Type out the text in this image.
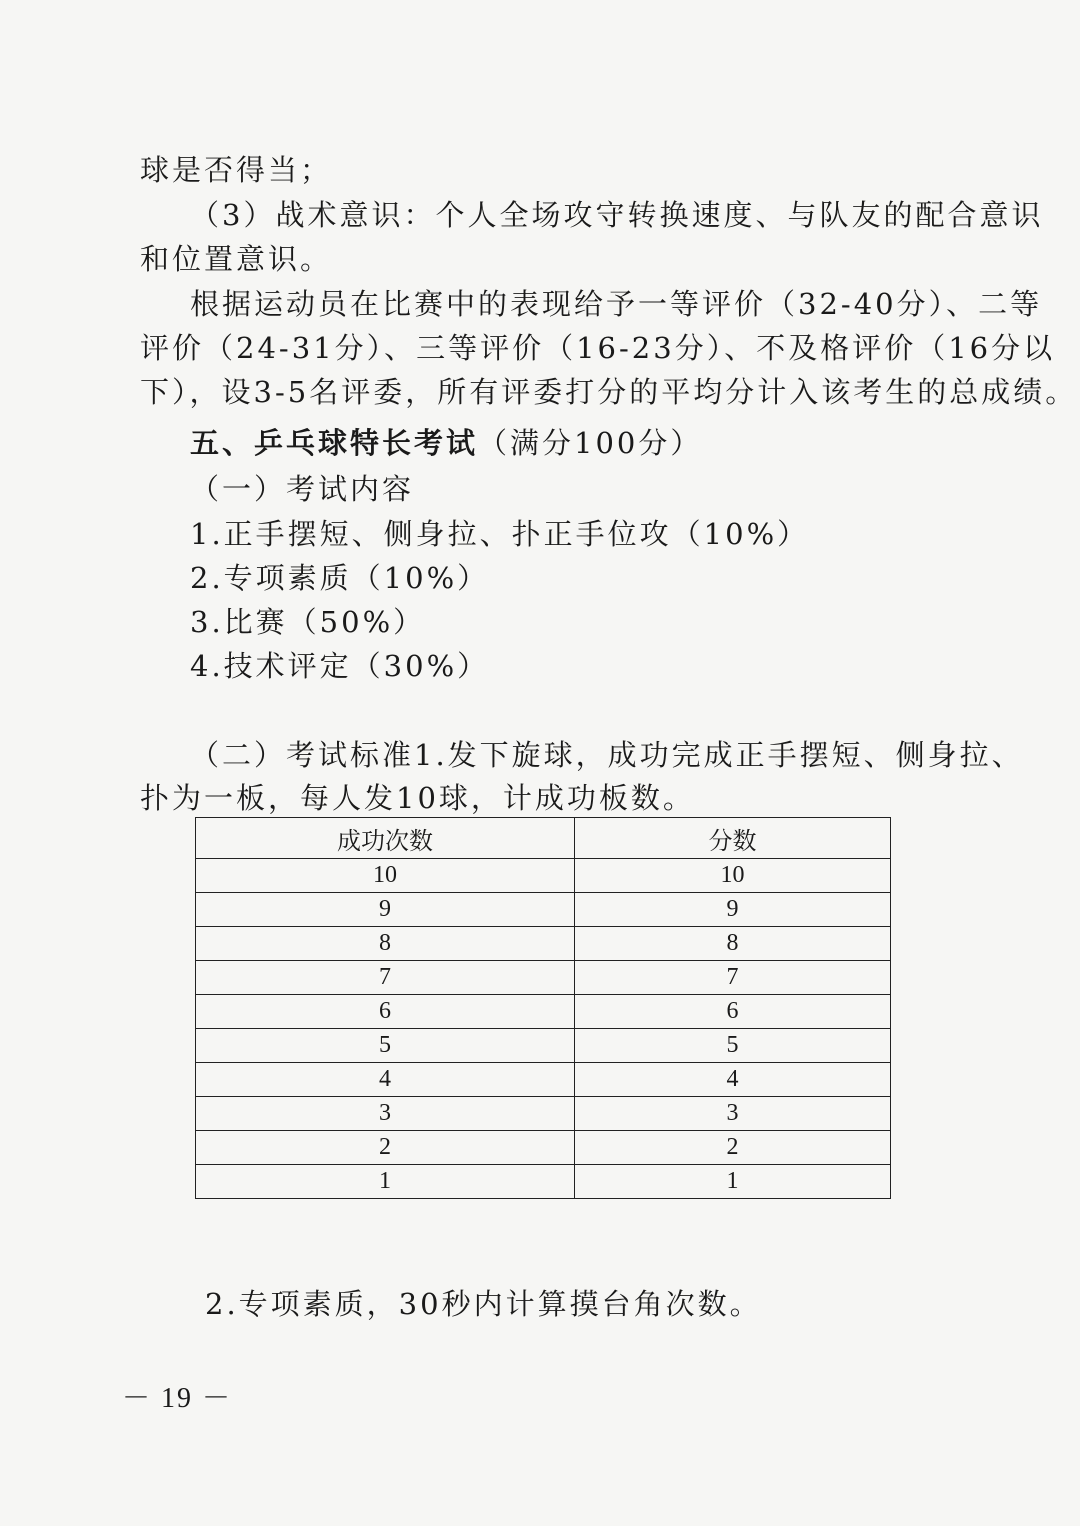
球是否得当；
（3）战术意识：个人全场攻守转换速度、与队友的配合意识
和位置意识。
根据运动员在比赛中的表现给予一等评价（32-40分）、二等
评价（24-31分）、三等评价（16-23分）、不及格评价（16分以
下），设3-5名评委，所有评委打分的平均分计入该考生的总成绩。
五、乒乓球特长考试（满分100分）
（一）考试内容
1.正手摆短、侧身拉、扑正手位攻（10%）
2.专项素质（10%）
3.比赛（50%）
4.技术评定（30%）
（二）考试标准1.发下旋球，成功完成正手摆短、侧身拉、
扑为一板，每人发10球，计成功板数。
成功次数	分数
10	10
9	9
8	8
7	7
6	6
5	5
4	4
3	3
2	2
1	1
2.专项素质，30秒内计算摸台角次数。
－ 19 －
